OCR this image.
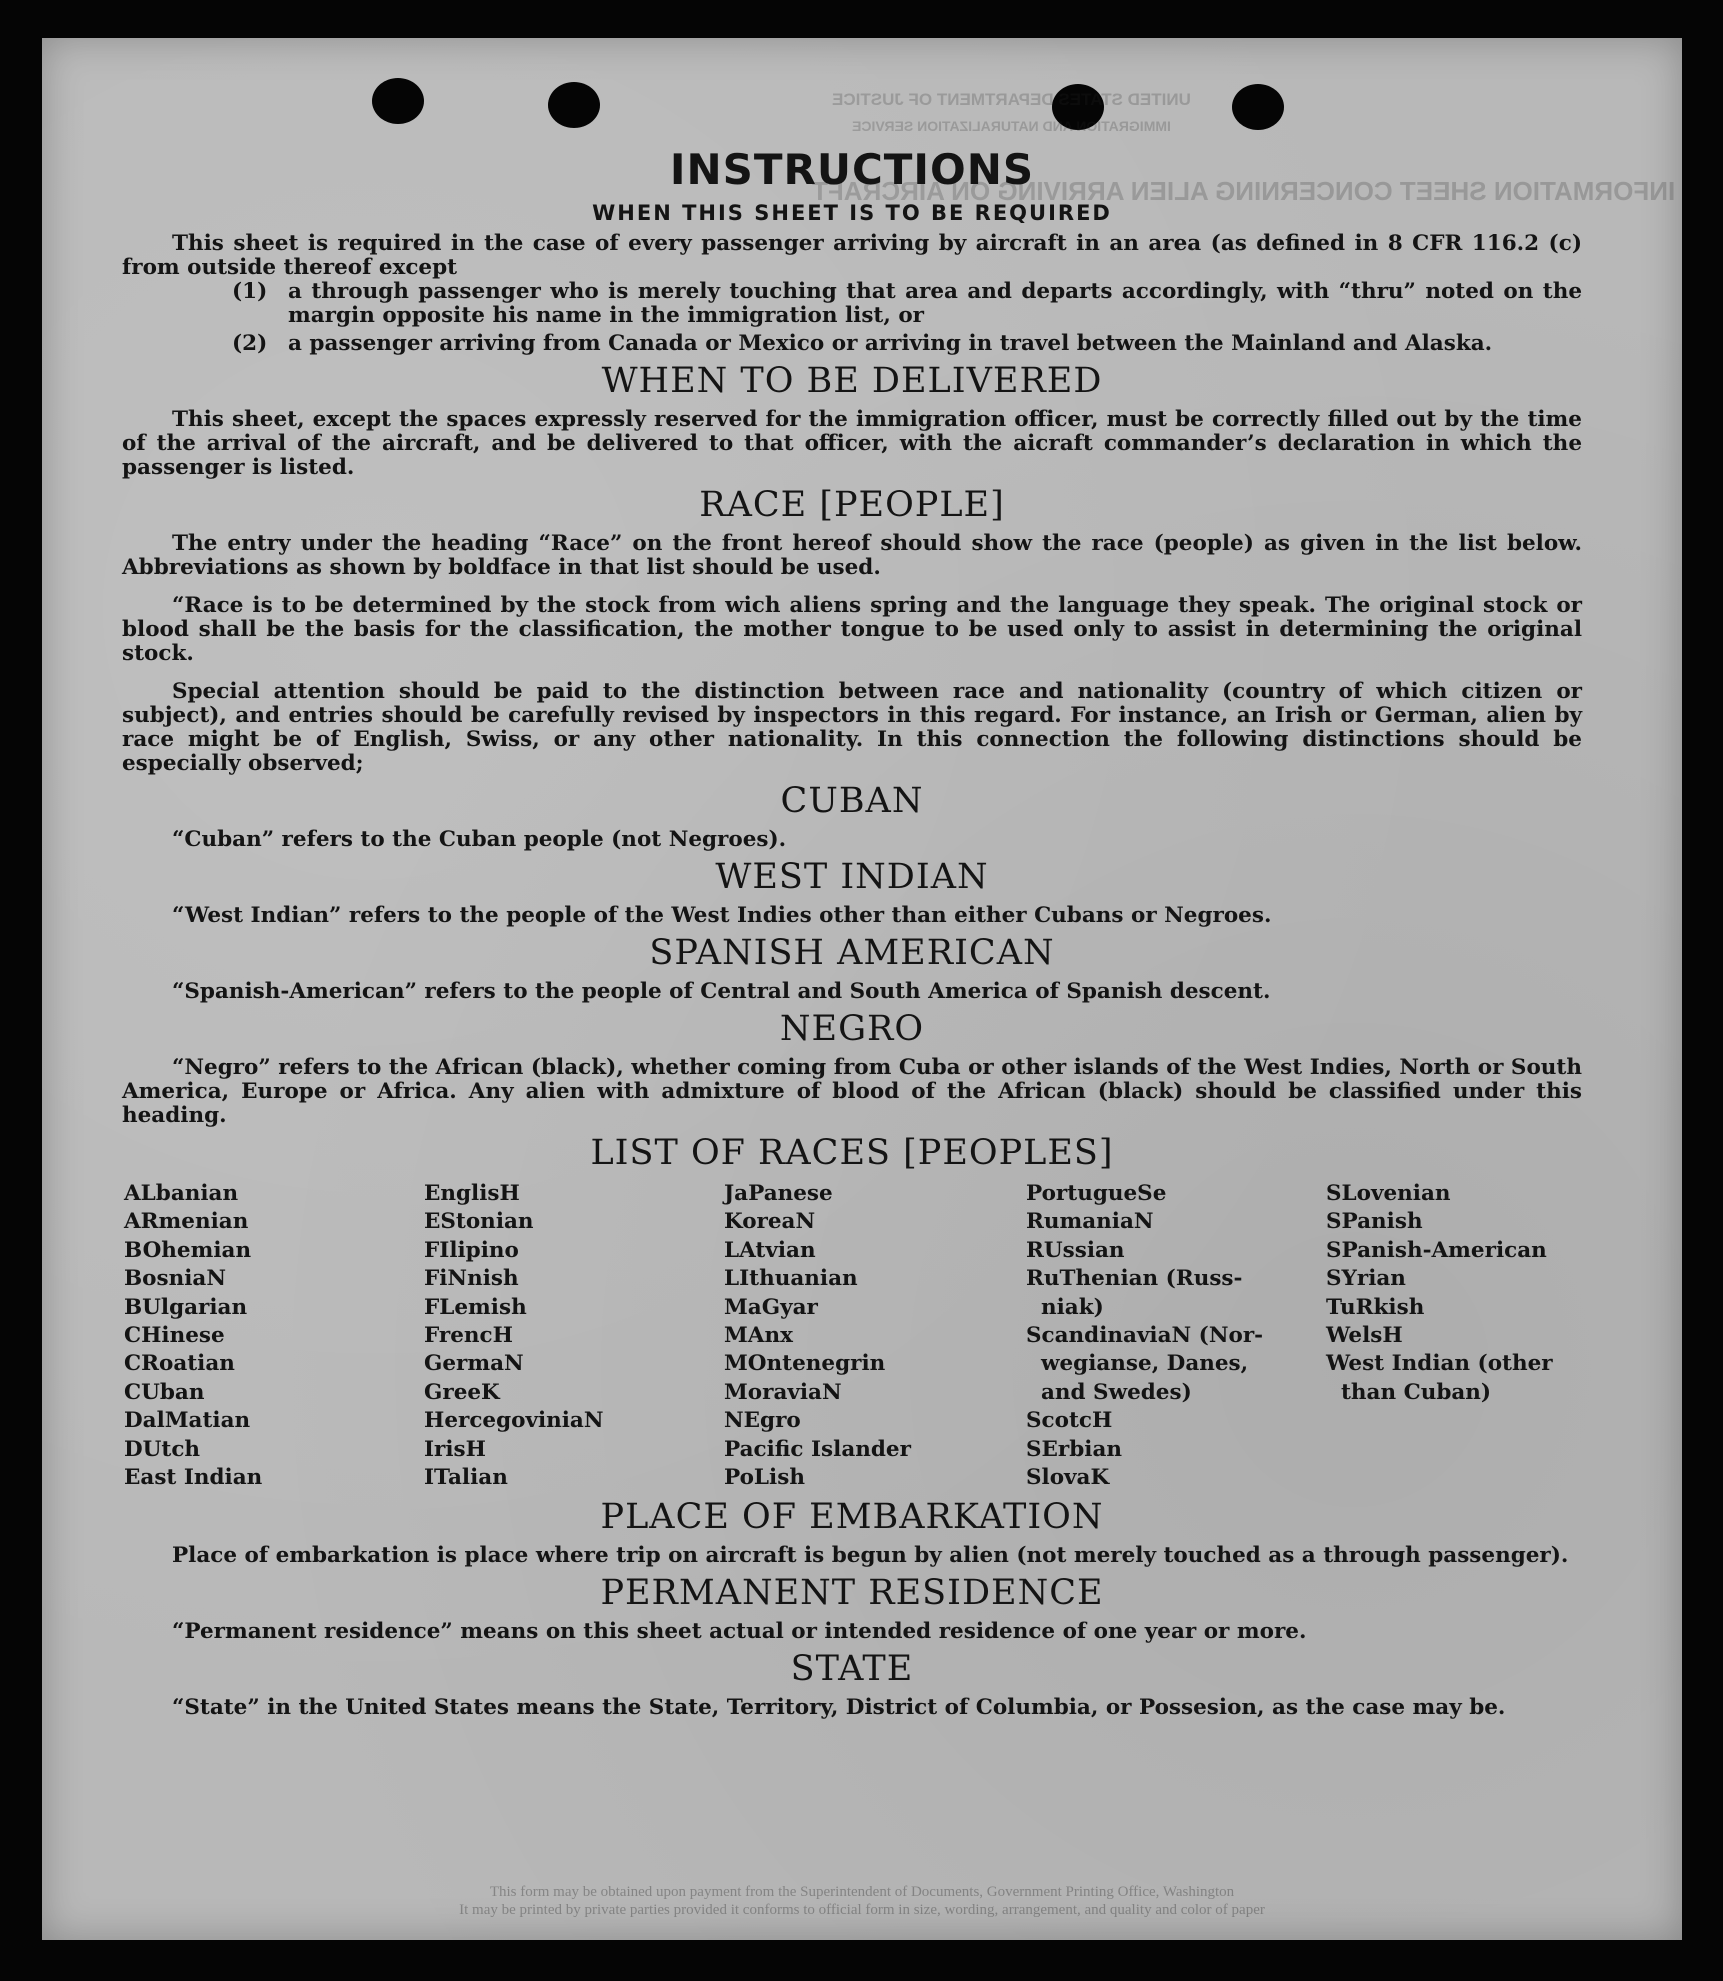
UNITED STATES DEPARTMENT OF JUSTICE
IMMIGRATION AND NATURALIZATION SERVICE
INFORMATION SHEET CONCERNING ALIEN ARRIVING ON AIRCRAFT
INSTRUCTIONS
WHEN THIS SHEET IS TO BE REQUIRED

This sheet is required in the case of every passenger arriving by aircraft in an area (as defined in 8 CFR 116.2 (c) from outside thereof except

(1) a through passenger who is merely touching that area and departs accordingly, with “thru” noted on the margin opposite his name in the immigration list, or

(2) a passenger arriving from Canada or Mexico or arriving in travel between the Mainland and Alaska.

WHEN TO BE DELIVERED

This sheet, except the spaces expressly reserved for the immigration officer, must be correctly filled out by the time of the arrival of the aircraft, and be delivered to that officer, with the aicraft commander’s declaration in which the passenger is listed.

RACE [PEOPLE]

The entry under the heading “Race” on the front hereof should show the race (people) as given in the list below. Abbreviations as shown by boldface in that list should be used.

“Race is to be determined by the stock from wich aliens spring and the language they speak. The original stock or blood shall be the basis for the classification, the mother tongue to be used only to assist in determining the original stock.

Special attention should be paid to the distinction between race and nationality (country of which citizen or subject), and entries should be carefully revised by inspectors in this regard. For instance, an Irish or German, alien by race might be of English, Swiss, or any other nationality. In this connection the following distinctions should be especially observed;

CUBAN

“Cuban” refers to the Cuban people (not Negroes).

WEST INDIAN

“West Indian” refers to the people of the West Indies other than either Cubans or Negroes.

SPANISH AMERICAN

“Spanish-American” refers to the people of Central and South America of Spanish descent.

NEGRO

“Negro” refers to the African (black), whether coming from Cuba or other islands of the West Indies, North or South America, Europe or Africa. Any alien with admixture of blood of the African (black) should be classified under this heading.

LIST OF RACES [PEOPLES]
ALbanian
ARmenian
BOhemian
BosniaN
BUlgarian
CHinese
CRoatian
CUban
DalMatian
DUtch
East Indian
EnglisH
EStonian
FIlipino
FiNnish
FLemish
FrencH
GermaN
GreeK
HercegoviniaN
IrisH
ITalian
JaPanese
KoreaN
LAtvian
LIthuanian
MaGyar
MAnx
MOntenegrin
MoraviaN
NEgro
Pacific Islander
PoLish
PortugueSe
RumaniaN
RUssian
RuThenian (Russ-
niak)
ScandinaviaN (Nor-
wegianse, Danes,
and Swedes)
ScotcH
SErbian
SlovaK
SLovenian
SPanish
SPanish-American
SYrian
TuRkish
WelsH
West Indian (other
than Cuban)
PLACE OF EMBARKATION

Place of embarkation is place where trip on aircraft is begun by alien (not merely touched as a through passenger).

PERMANENT RESIDENCE

“Permanent residence” means on this sheet actual or intended residence of one year or more.

STATE

“State” in the United States means the State, Territory, District of Columbia, or Possesion, as the case may be.

This form may be obtained upon payment from the Superintendent of Documents, Government Printing Office, Washington
It may be printed by private parties provided it conforms to official form in size, wording, arrangement, and quality and color of paper
